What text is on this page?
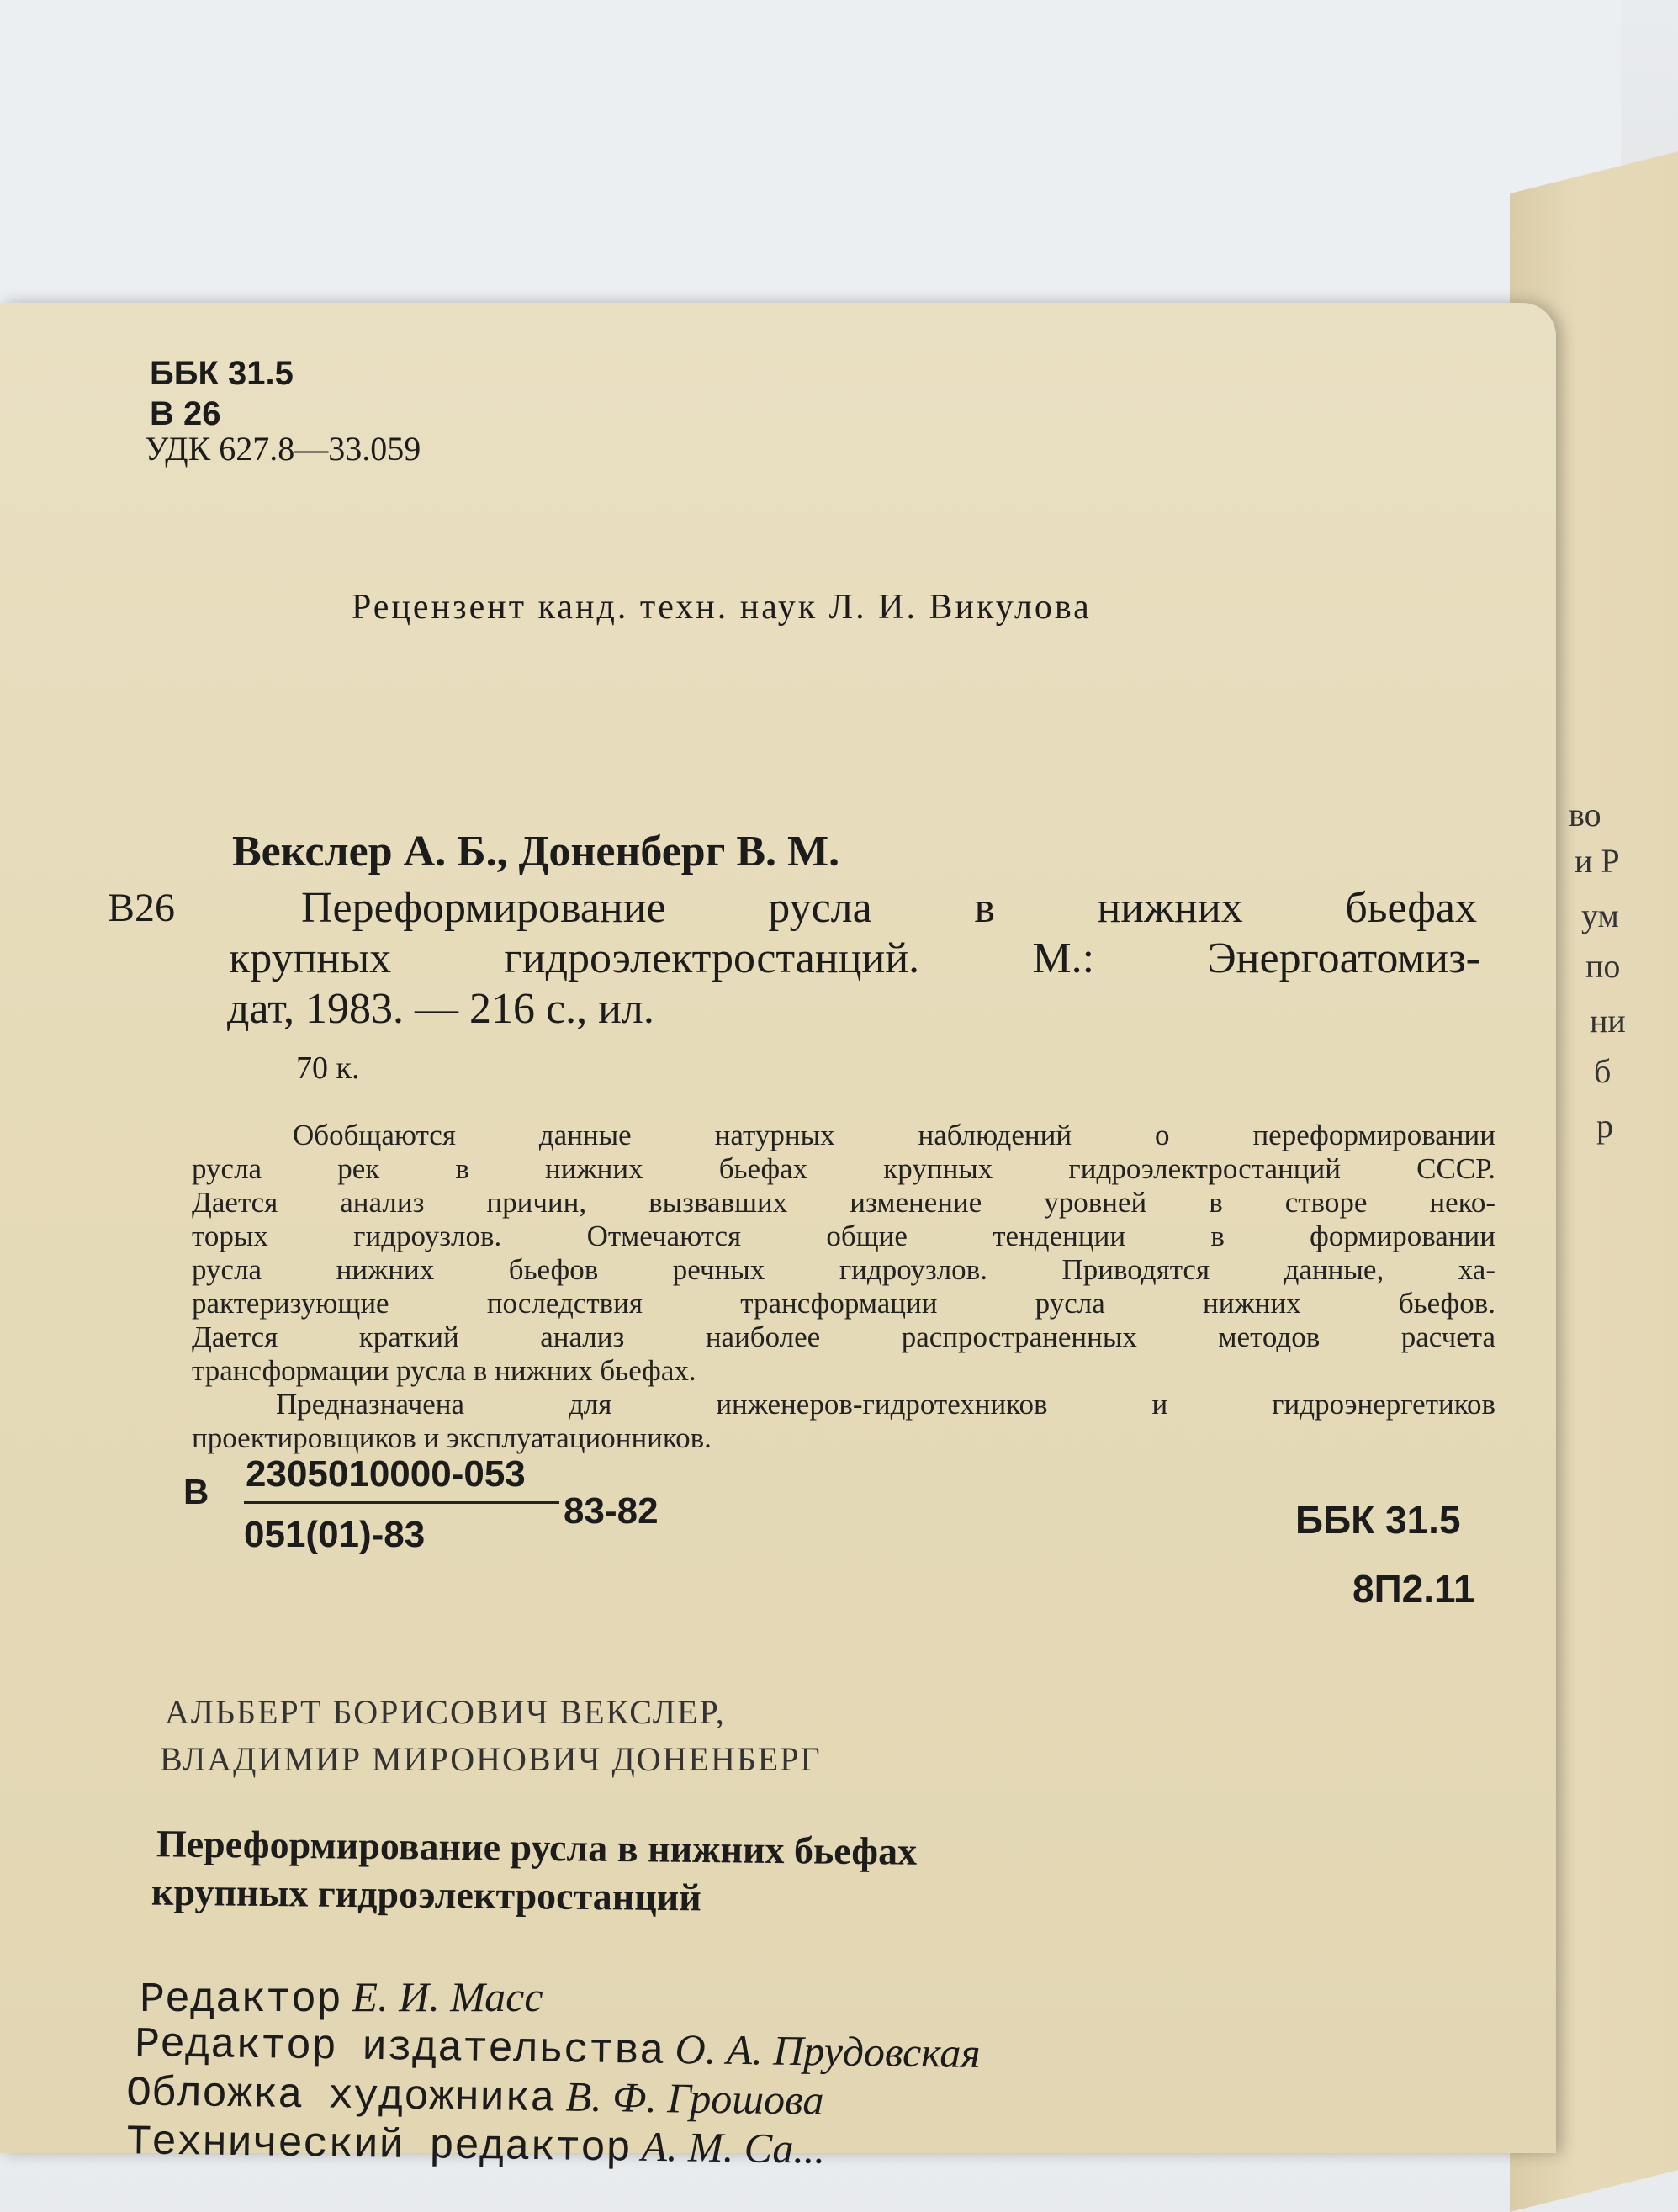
ББК 31.5
В 26
УДК 627.8—33.059
Рецензент канд. техн. наук Л. И. Викулова
Векслер А. Б., Доненберг В. М.
В26	Переформирование русла в нижних бьефах
крупных гидроэлектростанций. М.: Энергоатомиз-
дат, 1983. — 216 с., ил.
70 к.
Обобщаются данные натурных наблюдений о переформировании
русла рек в нижних бьефах крупных гидроэлектростанций СССР.
Дается анализ причин, вызвавших изменение уровней в створе неко-
торых гидроузлов. Отмечаются общие тенденции в формировании
русла нижних бьефов речных гидроузлов. Приводятся данные, ха-
рактеризующие последствия трансформации русла нижних бьефов.
Дается краткий анализ наиболее распространенных методов расчета
трансформации русла в нижних бьефах.
Предназначена для инженеров-гидротехников и гидроэнергетиков
проектировщиков и эксплуатационников.
В 2305010000-053
051(01)-83
83-82	ББК 31.5
8П2.11
АЛЬБЕРТ БОРИСОВИЧ ВЕКСЛЕР,
ВЛАДИМИР МИРОНОВИЧ ДОНЕНБЕРГ
Переформирование русла в нижних бьефах
крупных гидроэлектростанций
Редактор Е. И. Масс
Редактор издательства О. А. Прудовская
Обложка художника В. Ф. Грошова
Технический редактор А. М. Са...
во
и Р
ум
по
ни
б
р
